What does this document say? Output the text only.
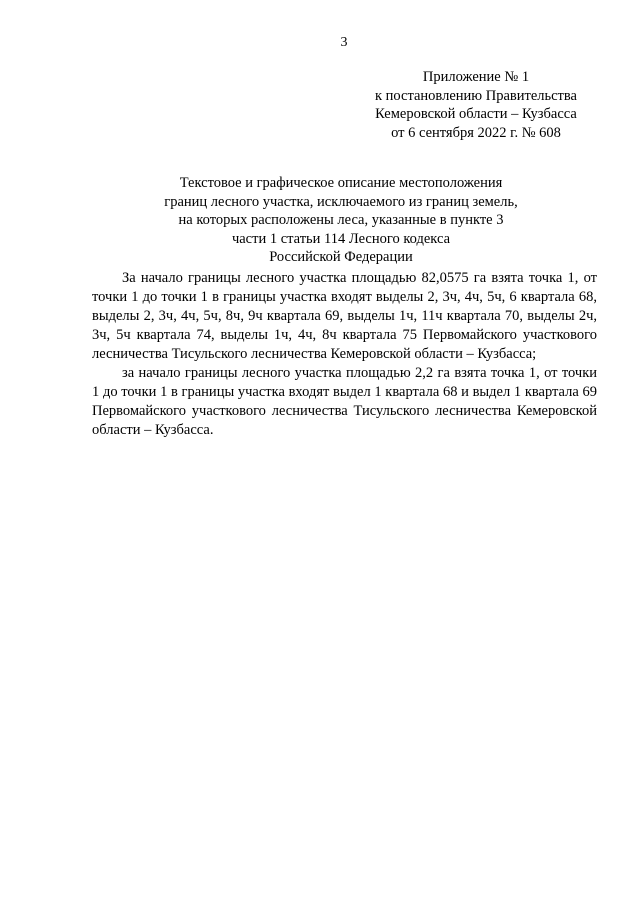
3
Приложение № 1
к постановлению Правительства
Кемеровской области – Кузбасса
от 6 сентября 2022 г. № 608
Текстовое и графическое описание местоположения
границ лесного участка, исключаемого из границ земель,
на которых расположены леса, указанные в пункте 3
части 1 статьи 114 Лесного кодекса
Российской Федерации

За начало границы лесного участка площадью 82,0575 га взята точка 1, от точки 1 до точки 1 в границы участка входят выделы 2, 3ч, 4ч, 5ч, 6 квартала 68, выделы 2, 3ч, 4ч, 5ч, 8ч, 9ч квартала 69, выделы 1ч, 11ч квартала 70, выделы 2ч, 3ч, 5ч квартала 74, выделы 1ч, 4ч, 8ч квартала 75 Первомайского участкового лесничества Тисульского лесничества Кемеровской области – Кузбасса;

за начало границы лесного участка площадью 2,2 га взята точка 1, от точки 1 до точки 1 в границы участка входят выдел 1 квартала 68 и выдел 1 квартала 69 Первомайского участкового лесничества Тисульского лесничества Кемеровской области – Кузбасса.
